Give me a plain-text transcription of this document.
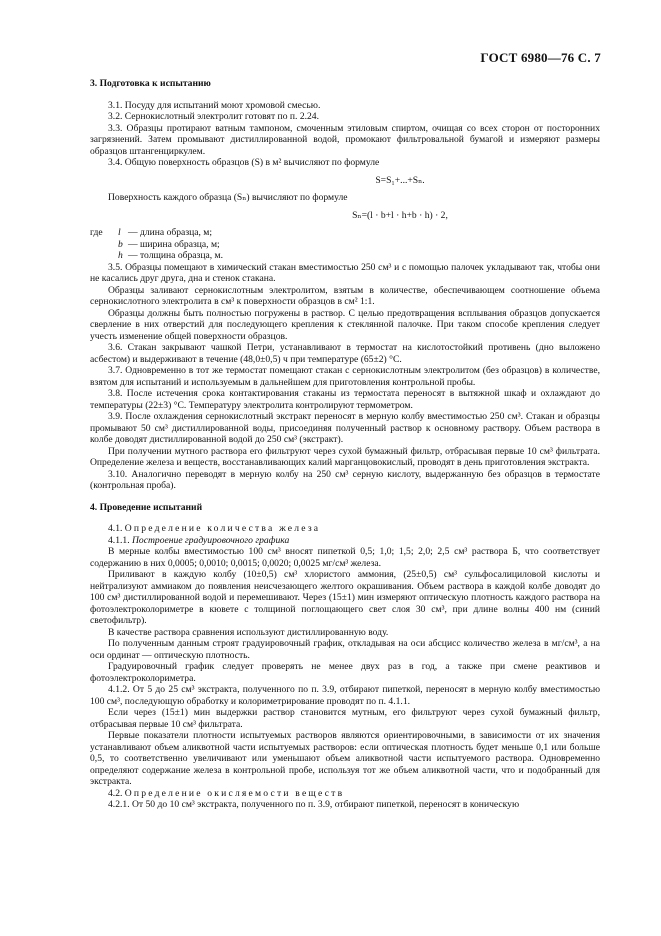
ГОСТ 6980—76 С. 7
3. Подготовка к испытанию

3.1. Посуду для испытаний моют хромовой смесью.

3.2. Сернокислотный электролит готовят по п. 2.24.

3.3. Образцы протирают ватным тампоном, смоченным этиловым спиртом, очищая со всех сторон от посторонних загрязнений. Затем промывают дистиллированной водой, промокают фильтровальной бумагой и измеряют размеры образцов штангенциркулем.

3.4. Общую поверхность образцов (S) в м² вычисляют по формуле

S=S₁+...+Sₙ.

Поверхность каждого образца (Sₙ) вычисляют по формуле

Sₙ=(l · b+l · h+b · h) · 2,
где	l — длина образца, м;
b — ширина образца, м;
h — толщина образца, м.

3.5. Образцы помещают в химический стакан вместимостью 250 см³ и с помощью палочек укладывают так, чтобы они не касались друг друга, дна и стенок стакана.

Образцы заливают сернокислотным электролитом, взятым в количестве, обеспечивающем соотношение объема сернокислотного электролита в см³ к поверхности образцов в см² 1:1.

Образцы должны быть полностью погружены в раствор. С целью предотвращения всплывания образцов допускается сверление в них отверстий для последующего крепления к стеклянной палочке. При таком способе крепления следует учесть изменение общей поверхности образцов.

3.6. Стакан закрывают чашкой Петри, устанавливают в термостат на кислотостойкий противень (дно выложено асбестом) и выдерживают в течение (48,0±0,5) ч при температуре (65±2) °С.

3.7. Одновременно в тот же термостат помещают стакан с сернокислотным электролитом (без образцов) в количестве, взятом для испытаний и используемым в дальнейшем для приготовления контрольной пробы.

3.8. После истечения срока контактирования стаканы из термостата переносят в вытяжной шкаф и охлаждают до температуры (22±3) °С. Температуру электролита контролируют термометром.

3.9. После охлаждения сернокислотный экстракт переносят в мерную колбу вместимостью 250 см³. Стакан и образцы промывают 50 см³ дистиллированной воды, присоединяя полученный раствор к основному раствору. Объем раствора в колбе доводят дистиллированной водой до 250 см³ (экстракт).

При получении мутного раствора его фильтруют через сухой бумажный фильтр, отбрасывая первые 10 см³ фильтрата. Определение железа и веществ, восстанавливающих калий марганцовокислый, проводят в день приготовления экстракта.

3.10. Аналогично переводят в мерную колбу на 250 см³ серную кислоту, выдержанную без образцов в термостате (контрольная проба).

4. Проведение испытаний

4.1. Определение количества железа

4.1.1. Построение градуировочного графика

В мерные колбы вместимостью 100 см³ вносят пипеткой 0,5; 1,0; 1,5; 2,0; 2,5 см³ раствора Б, что соответствует содержанию в них 0,0005; 0,0010; 0,0015; 0,0020; 0,0025 мг/см³ железа.

Приливают в каждую колбу (10±0,5) см³ хлористого аммония, (25±0,5) см³ сульфосалициловой кислоты и нейтрализуют аммиаком до появления неисчезающего желтого окрашивания. Объем раствора в каждой колбе доводят до 100 см³ дистиллированной водой и перемешивают. Через (15±1) мин измеряют оптическую плотность каждого раствора на фотоэлектроколориметре в кювете с толщиной поглощающего свет слоя 30 см³, при длине волны 400 нм (синий светофильтр).

В качестве раствора сравнения используют дистиллированную воду.

По полученным данным строят градуировочный график, откладывая на оси абсцисс количество железа в мг/см³, а на оси ординат — оптическую плотность.

Градуировочный график следует проверять не менее двух раз в год, а также при смене реактивов и фотоэлектроколориметра.

4.1.2. От 5 до 25 см³ экстракта, полученного по п. 3.9, отбирают пипеткой, переносят в мерную колбу вместимостью 100 см³, последующую обработку и колориметрирование проводят по п. 4.1.1.

Если через (15±1) мин выдержки раствор становится мутным, его фильтруют через сухой бумажный фильтр, отбрасывая первые 10 см³ фильтрата.

Первые показатели плотности испытуемых растворов являются ориентировочными, в зависимости от их значения устанавливают объем аликвотной части испытуемых растворов: если оптическая плотность будет меньше 0,1 или больше 0,5, то соответственно увеличивают или уменьшают объем аликвотной части испытуемого раствора. Одновременно определяют содержание железа в контрольной пробе, используя тот же объем аликвотной части, что и подобранный для экстракта.

4.2. Определение окисляемости веществ

4.2.1. От 50 до 10 см³ экстракта, полученного по п. 3.9, отбирают пипеткой, переносят в коническую
